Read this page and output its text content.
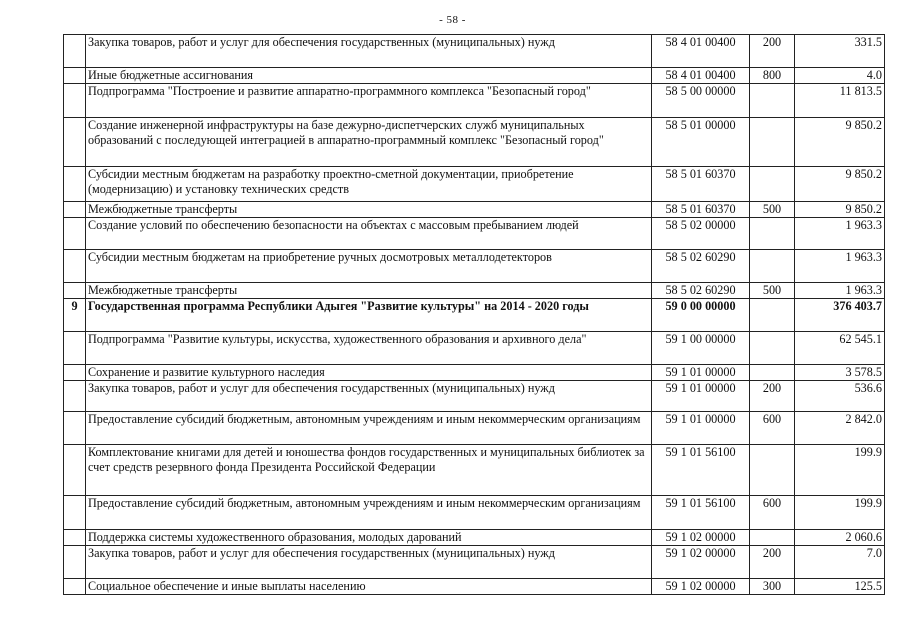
- 58 -
	Закупка товаров, работ и услуг для обеспечения государственных (муниципальных) нужд	58 4 01 00400	200	331.5
	Иные бюджетные ассигнования	58 4 01 00400	800	4.0
	Подпрограмма "Построение и развитие аппаратно-программного комплекса "Безопасный город"	58 5 00 00000		11 813.5
	Создание инженерной инфраструктуры на базе дежурно-диспетчерских служб муниципальных образований с последующей интеграцией в аппаратно-программный комплекс "Безопасный город"	58 5 01 00000		9 850.2
	Субсидии местным бюджетам на разработку проектно-сметной документации, приобретение (модернизацию) и установку технических средств	58 5 01 60370		9 850.2
	Межбюджетные трансферты	58 5 01 60370	500	9 850.2
	Создание условий по обеспечению безопасности на объектах с массовым пребыванием людей	58 5 02 00000		1 963.3
	Субсидии местным бюджетам на приобретение ручных досмотровых металлодетекторов	58 5 02 60290		1 963.3
	Межбюджетные трансферты	58 5 02 60290	500	1 963.3
9	Государственная программа Республики Адыгея "Развитие культуры" на 2014 - 2020 годы	59 0 00 00000		376 403.7
	Подпрограмма "Развитие культуры, искусства, художественного образования и архивного дела"	59 1 00 00000		62 545.1
	Сохранение и развитие культурного наследия	59 1 01 00000		3 578.5
	Закупка товаров, работ и услуг для обеспечения государственных (муниципальных) нужд	59 1 01 00000	200	536.6
	Предоставление субсидий бюджетным, автономным учреждениям и иным некоммерческим организациям	59 1 01 00000	600	2 842.0
	Комплектование книгами для детей и юношества фондов государственных и муниципальных библиотек за счет средств резервного фонда Президента Российской Федерации	59 1 01 56100		199.9
	Предоставление субсидий бюджетным, автономным учреждениям и иным некоммерческим организациям	59 1 01 56100	600	199.9
	Поддержка системы художественного образования, молодых дарований	59 1 02 00000		2 060.6
	Закупка товаров, работ и услуг для обеспечения государственных (муниципальных) нужд	59 1 02 00000	200	7.0
	Социальное обеспечение и иные выплаты населению	59 1 02 00000	300	125.5
